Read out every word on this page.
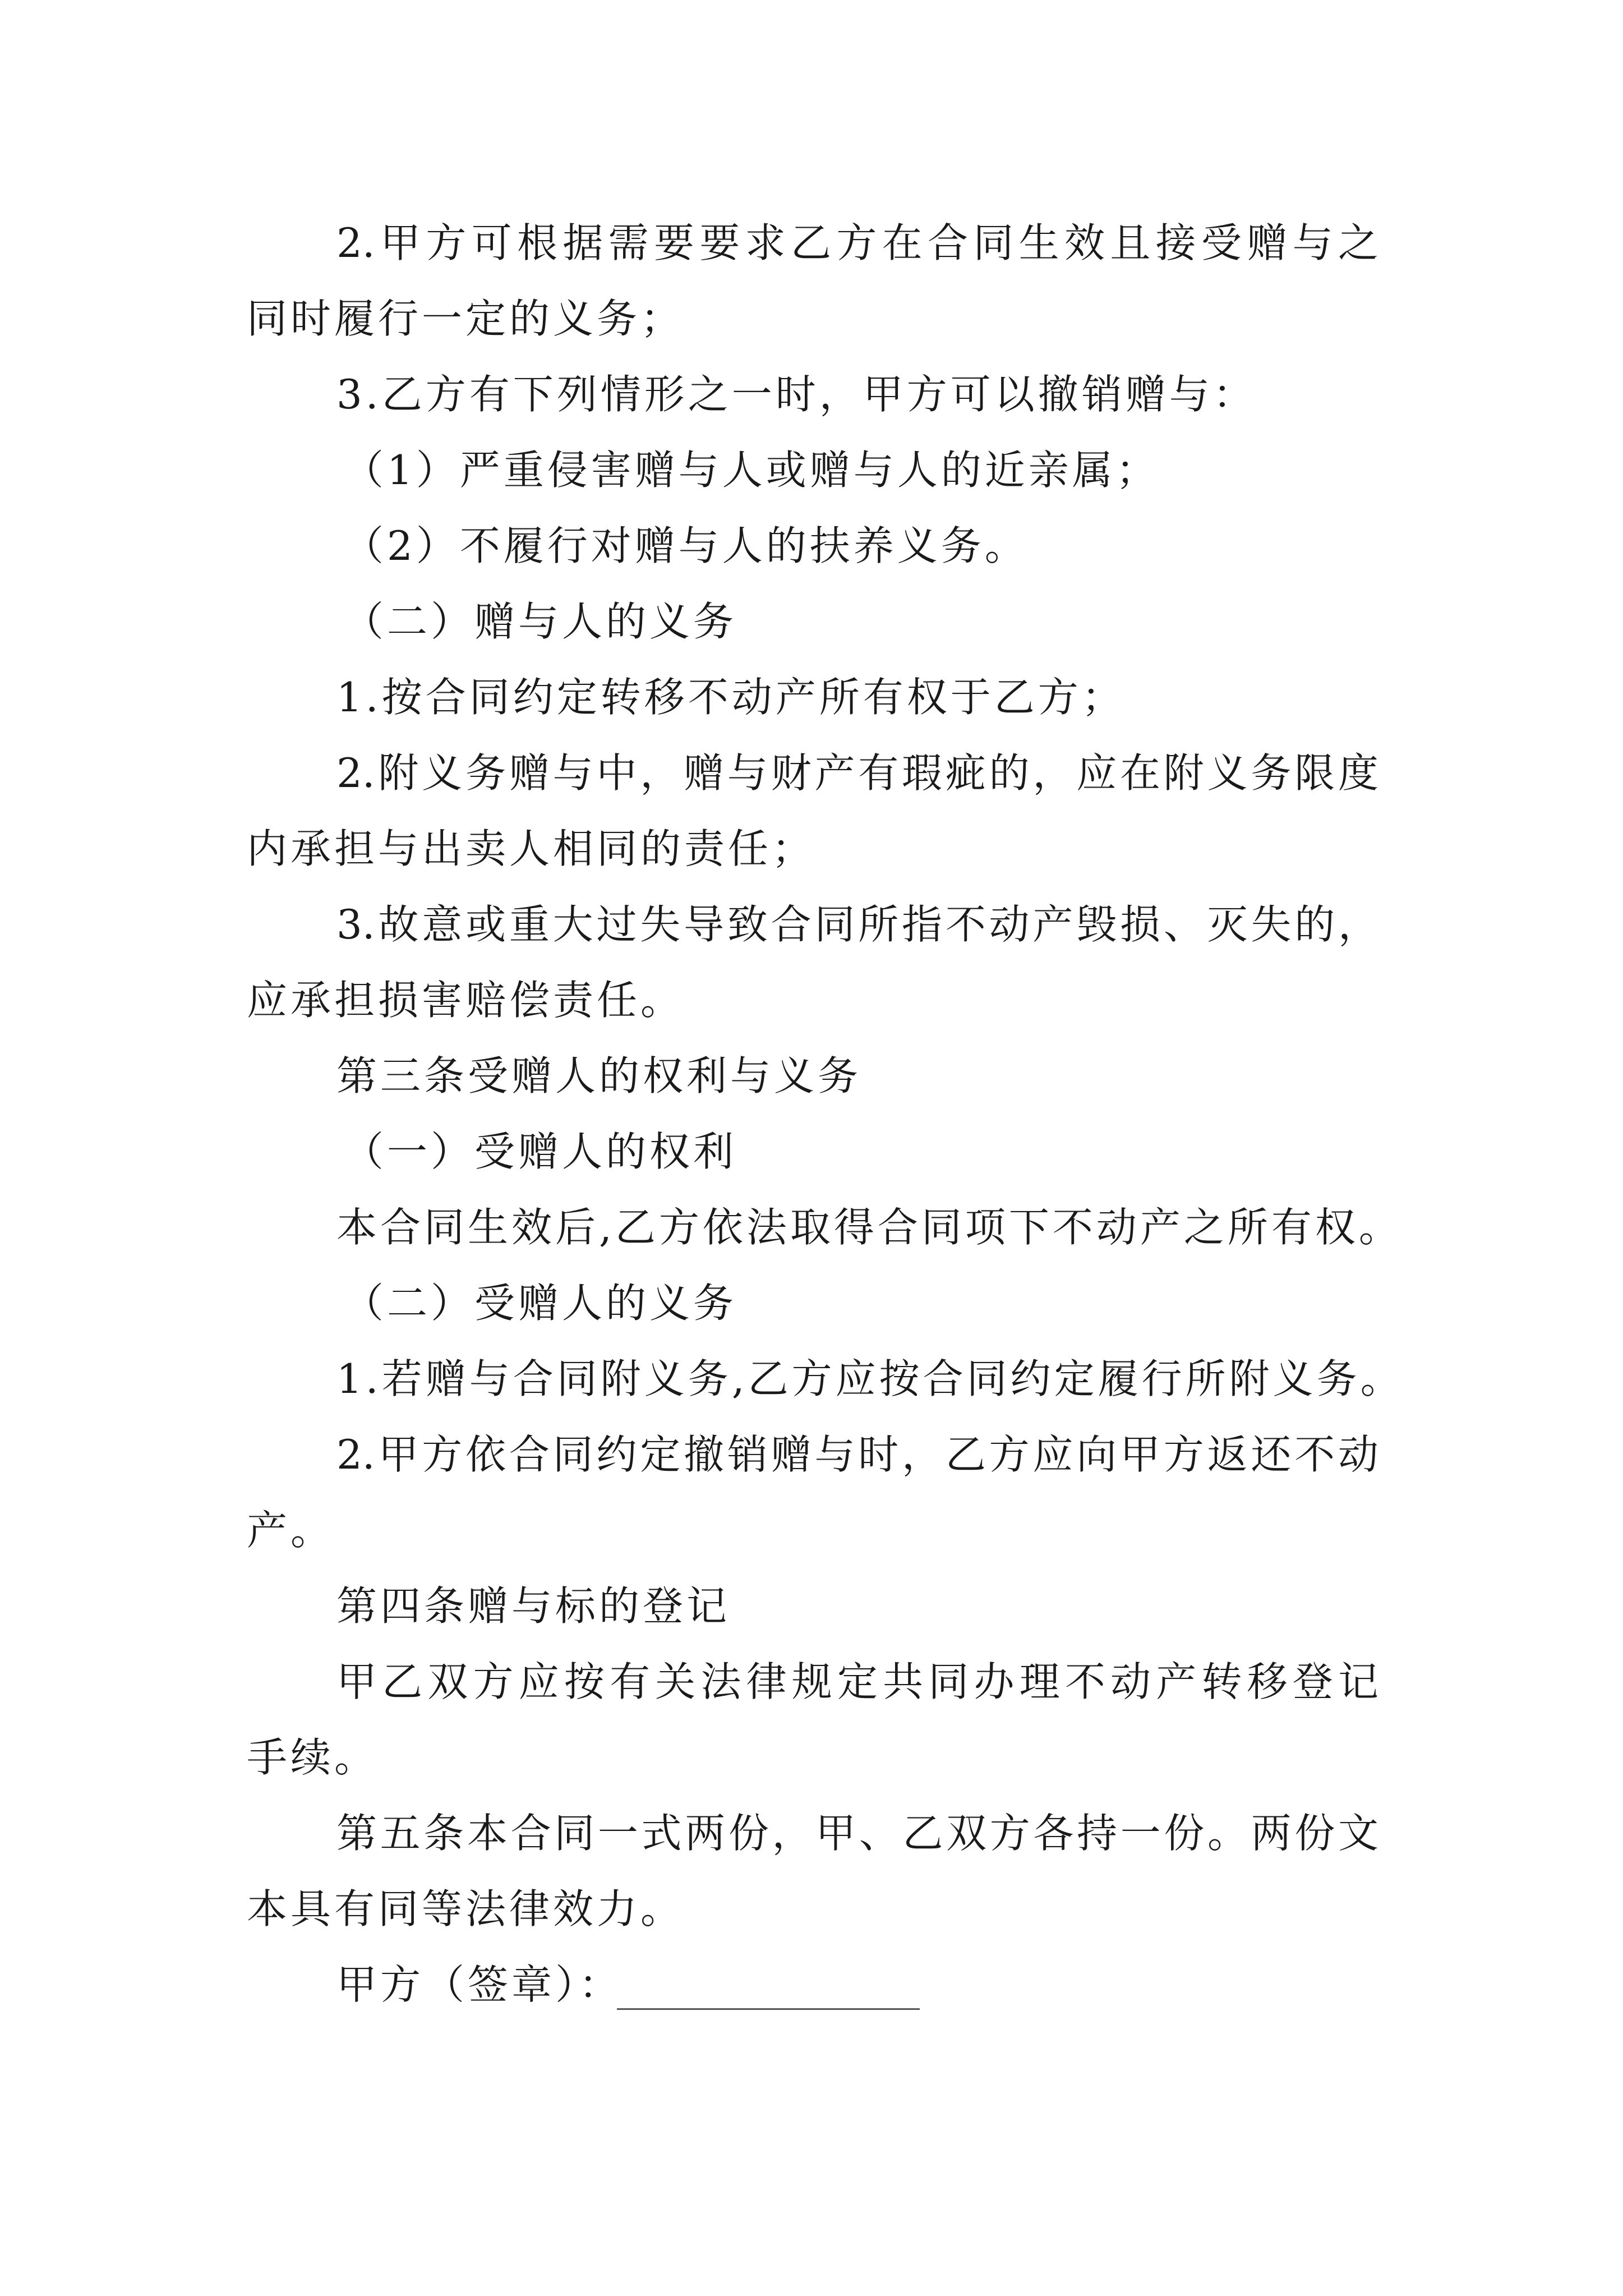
2.甲方可根据需要要求乙方在合同生效且接受赠与之
同时履行一定的义务；
3.乙方有下列情形之一时，甲方可以撤销赠与：
（1）严重侵害赠与人或赠与人的近亲属；
（2）不履行对赠与人的扶养义务。
（二）赠与人的义务
1.按合同约定转移不动产所有权于乙方；
2.附义务赠与中，赠与财产有瑕疵的，应在附义务限度
内承担与出卖人相同的责任；
3.故意或重大过失导致合同所指不动产毁损、灭失的，
应承担损害赔偿责任。
第三条受赠人的权利与义务
（一）受赠人的权利
本合同生效后,乙方依法取得合同项下不动产之所有权。
（二）受赠人的义务
1.若赠与合同附义务,乙方应按合同约定履行所附义务。
2.甲方依合同约定撤销赠与时，乙方应向甲方返还不动
产。
第四条赠与标的登记
甲乙双方应按有关法律规定共同办理不动产转移登记
手续。
第五条本合同一式两份，甲、乙双方各持一份。两份文
本具有同等法律效力。
甲方（签章）：
